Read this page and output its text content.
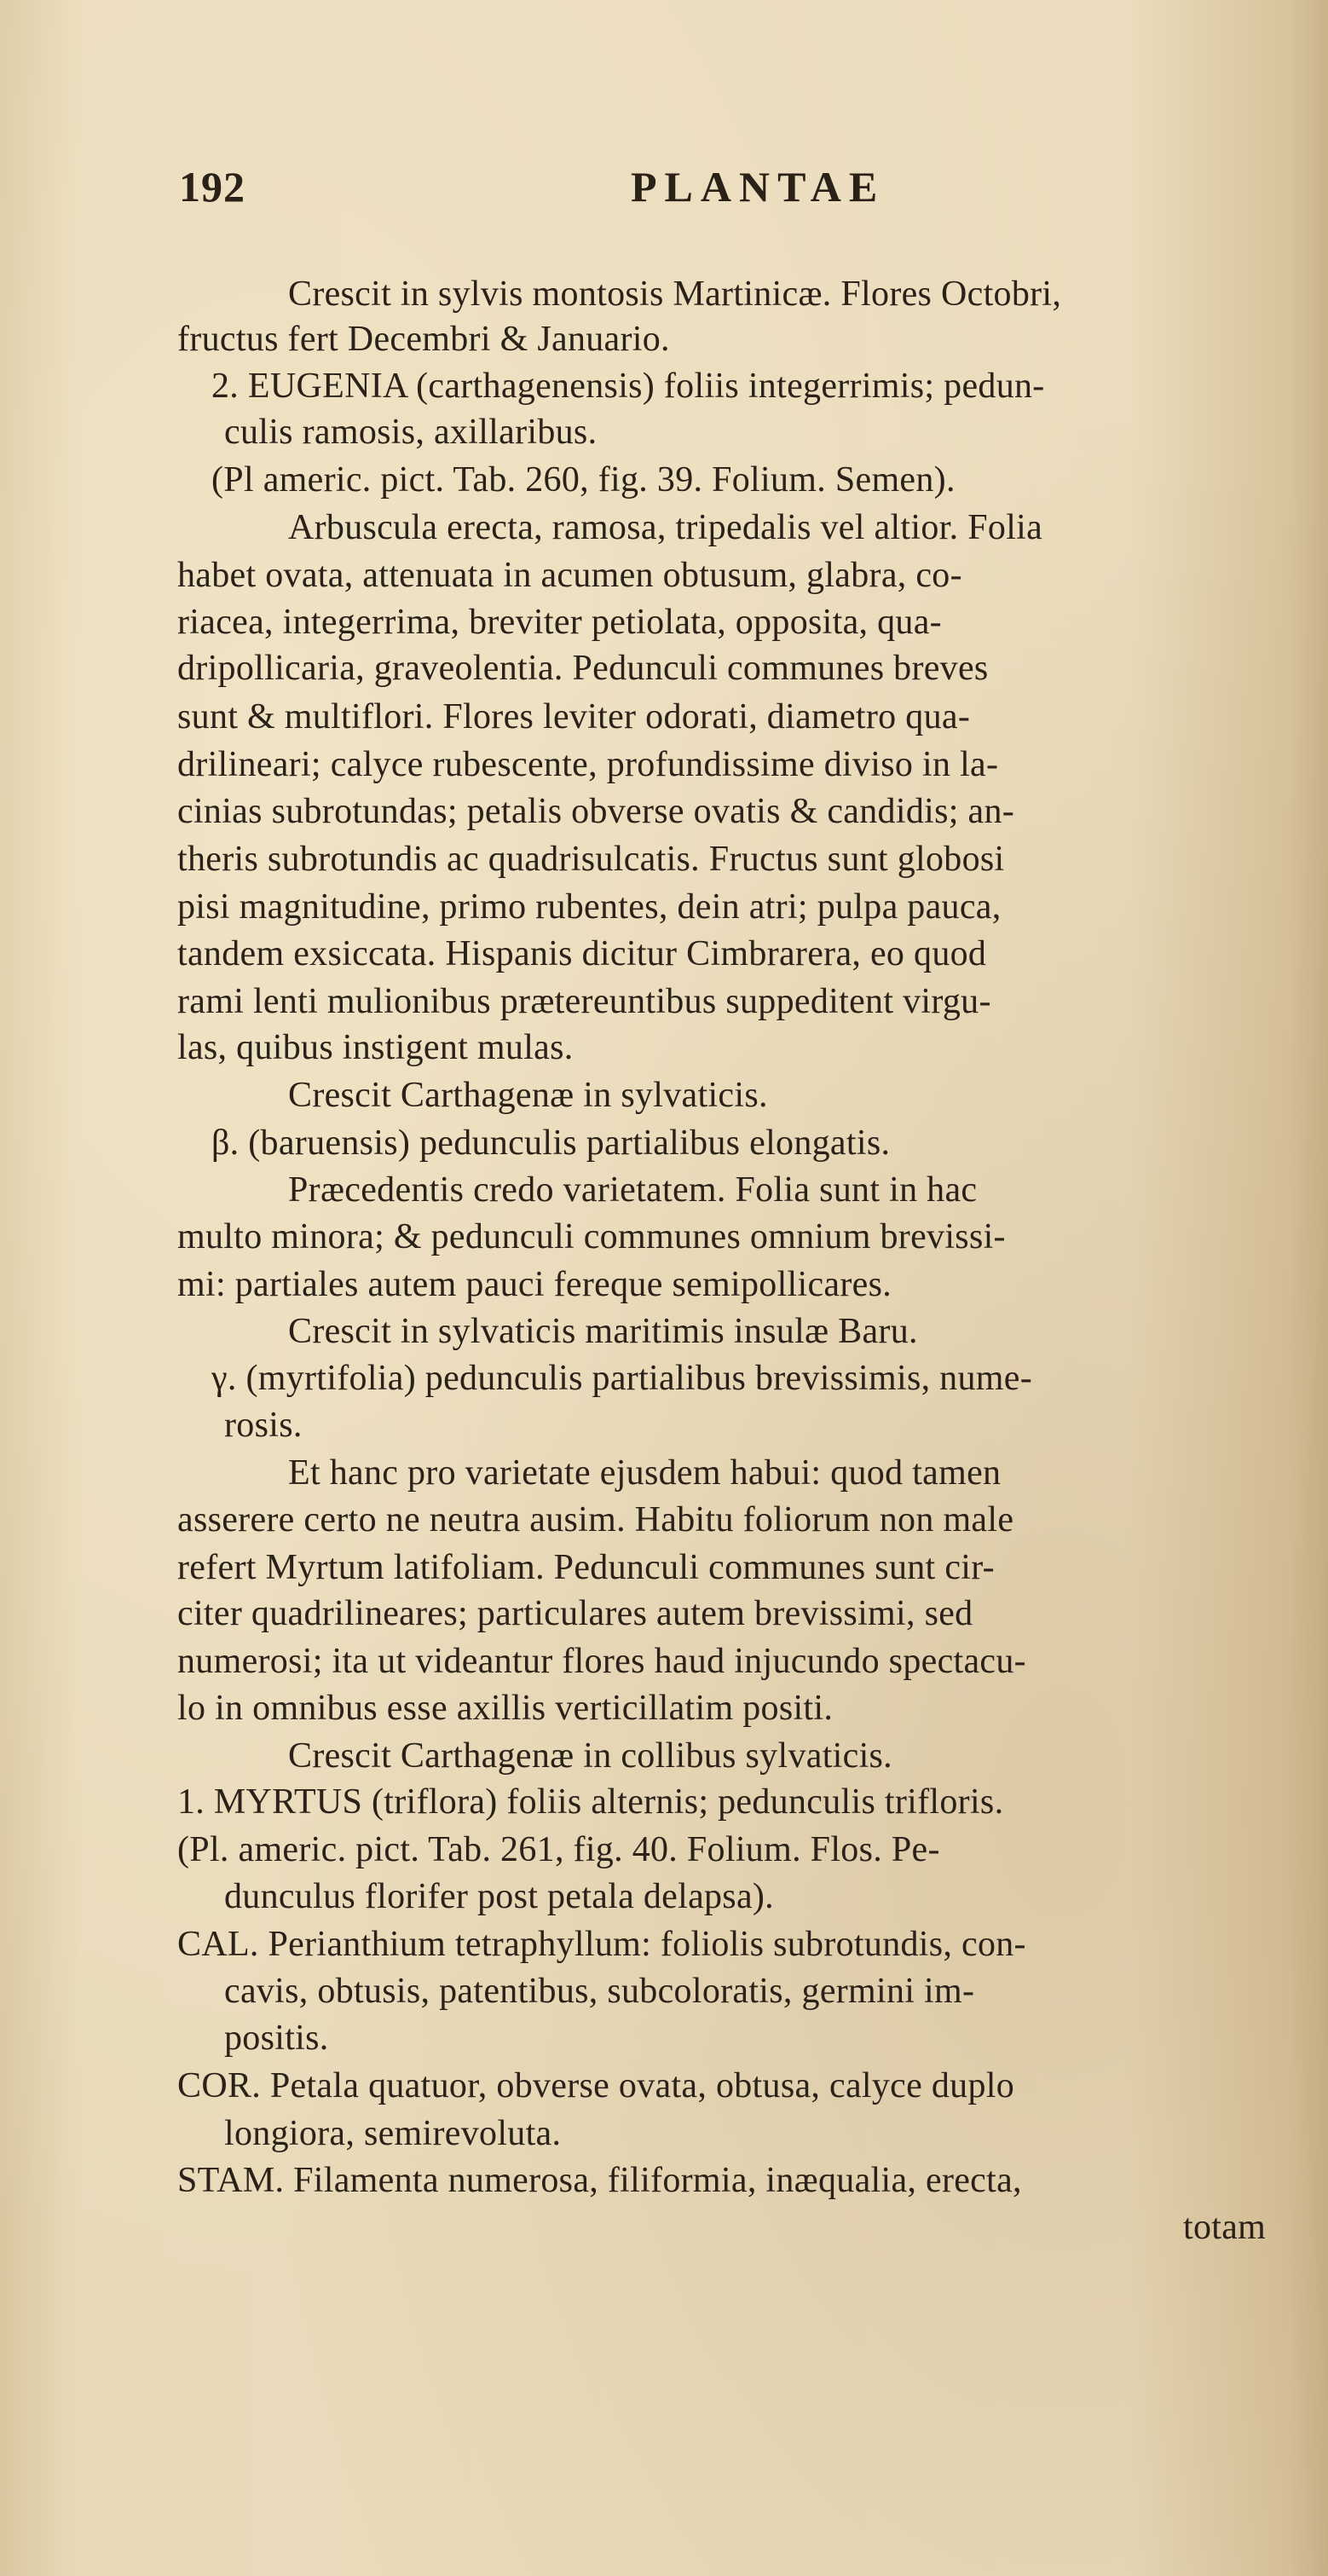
192	PLANTAE
Crescit in sylvis montosis Martinicæ. Flores Octobri,
fructus fert Decembri & Januario.
2. EUGENIA (carthagenensis) foliis integerrimis; pedun-
culis ramosis, axillaribus.
(Pl americ. pict. Tab. 260, fig. 39. Folium. Semen).
Arbuscula erecta, ramosa, tripedalis vel altior. Folia
habet ovata, attenuata in acumen obtusum, glabra, co-
riacea, integerrima, breviter petiolata, opposita, qua-
dripollicaria, graveolentia. Pedunculi communes breves
sunt & multiflori. Flores leviter odorati, diametro qua-
drilineari; calyce rubescente, profundissime diviso in la-
cinias subrotundas; petalis obverse ovatis & candidis; an-
theris subrotundis ac quadrisulcatis. Fructus sunt globosi
pisi magnitudine, primo rubentes, dein atri; pulpa pauca,
tandem exsiccata. Hispanis dicitur Cimbrarera, eo quod
rami lenti mulionibus prætereuntibus suppeditent virgu-
las, quibus instigent mulas.
Crescit Carthagenæ in sylvaticis.
β. (baruensis) pedunculis partialibus elongatis.
Præcedentis credo varietatem. Folia sunt in hac
multo minora; & pedunculi communes omnium brevissi-
mi: partiales autem pauci fereque semipollicares.
Crescit in sylvaticis maritimis insulæ Baru.
γ. (myrtifolia) pedunculis partialibus brevissimis, nume-
rosis.
Et hanc pro varietate ejusdem habui: quod tamen
asserere certo ne neutra ausim. Habitu foliorum non male
refert Myrtum latifoliam. Pedunculi communes sunt cir-
citer quadrilineares; particulares autem brevissimi, sed
numerosi; ita ut videantur flores haud injucundo spectacu-
lo in omnibus esse axillis verticillatim positi.
Crescit Carthagenæ in collibus sylvaticis.
1. MYRTUS (triflora) foliis alternis; pedunculis trifloris.
(Pl. americ. pict. Tab. 261, fig. 40. Folium. Flos. Pe-
dunculus florifer post petala delapsa).
CAL. Perianthium tetraphyllum: foliolis subrotundis, con-
cavis, obtusis, patentibus, subcoloratis, germini im-
positis.
COR. Petala quatuor, obverse ovata, obtusa, calyce duplo
longiora, semirevoluta.
STAM. Filamenta numerosa, filiformia, inæqualia, erecta,
totam
